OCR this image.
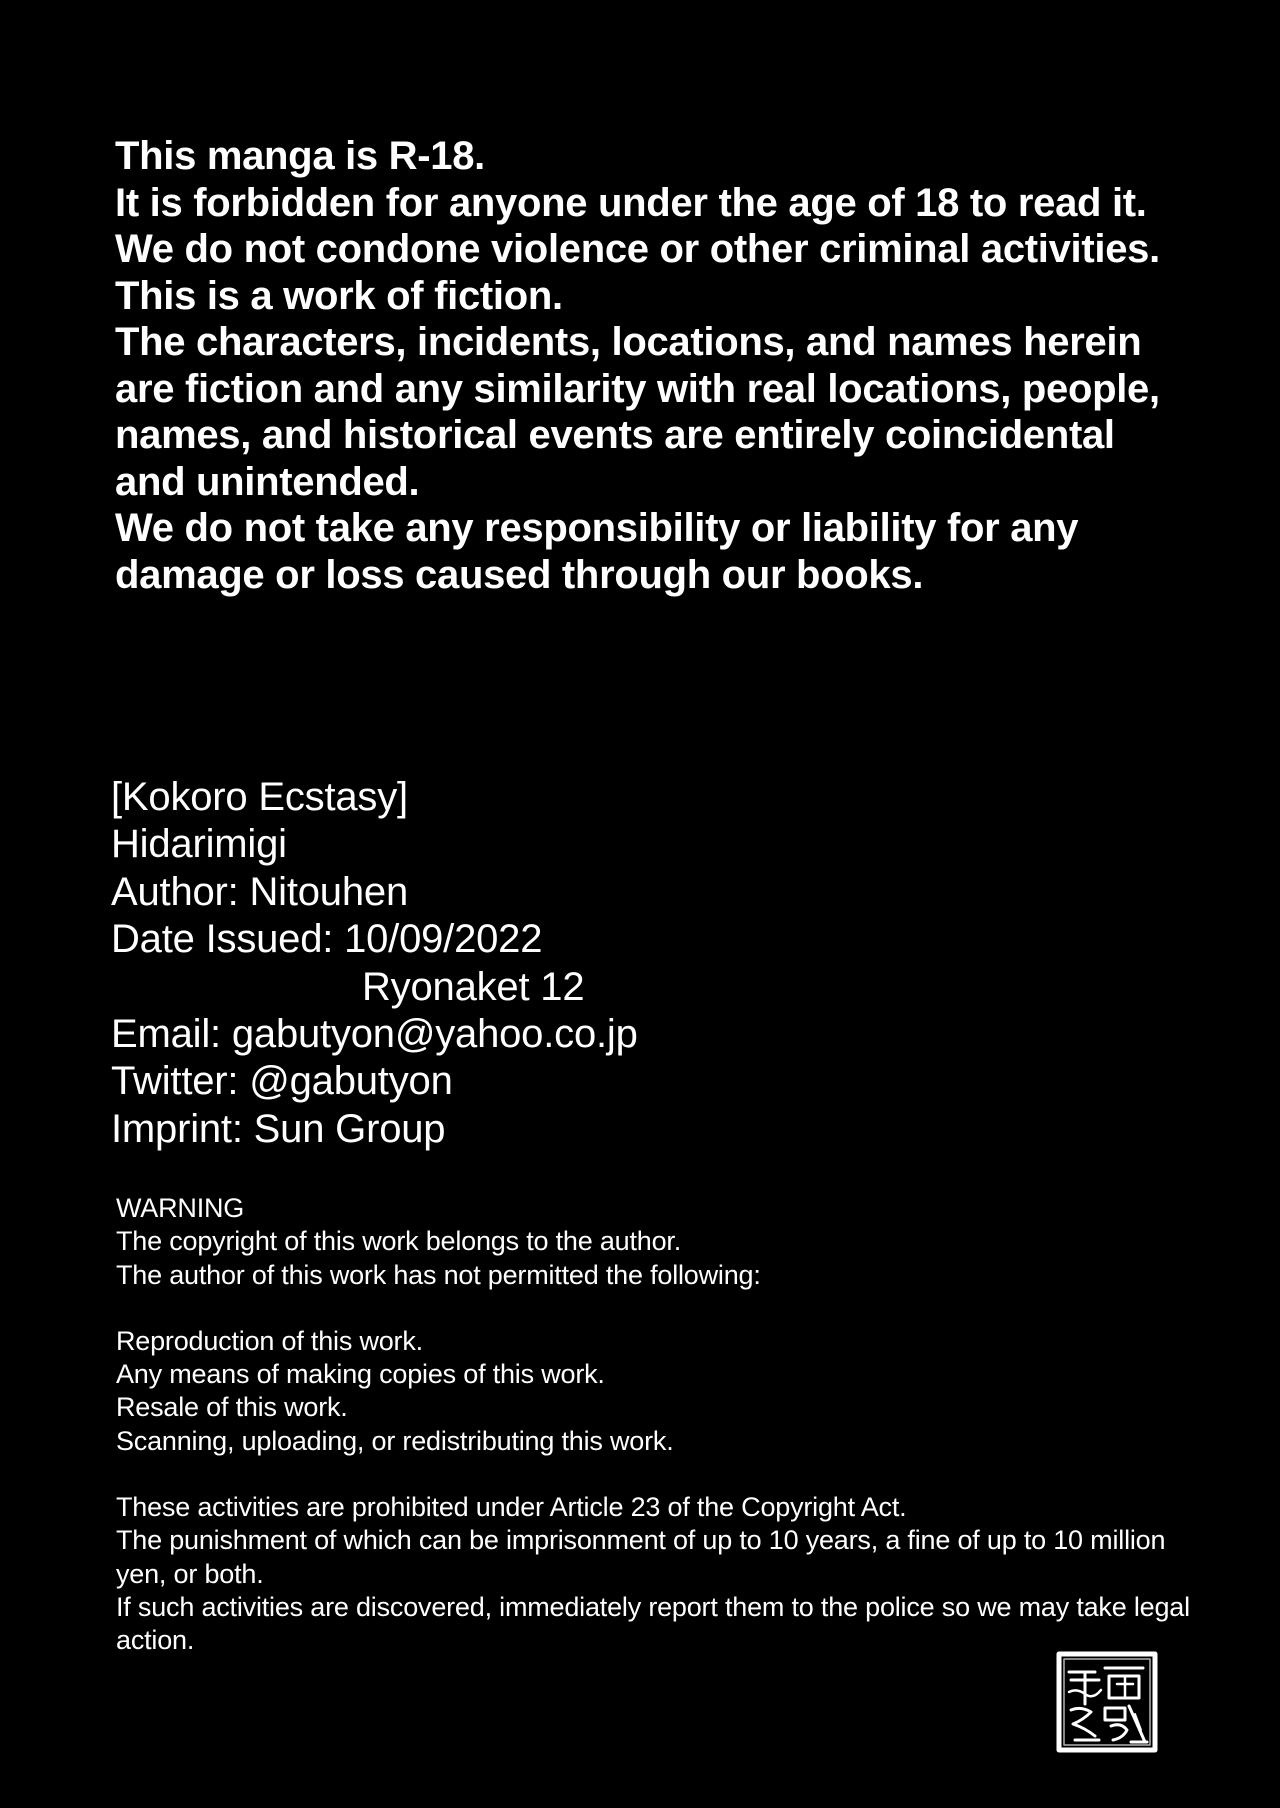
This manga is R-18.
It is forbidden for anyone under the age of 18 to read it.
We do not condone violence or other criminal activities.
This is a work of fiction.
The characters, incidents, locations, and names herein are fiction and any similarity with real locations, people, names, and historical events are entirely coincidental and unintended.
We do not take any responsibility or liability for any damage or loss caused through our books.
[Kokoro Ecstasy]
Hidarimigi
Author: Nitouhen
Date Issued: 10/09/2022
Ryonaket 12
Email: gabutyon@yahoo.co.jp
Twitter: @gabutyon
Imprint: Sun Group

WARNING

The copyright of this work belongs to the author.

The author of this work has not permitted the following:

Reproduction of this work.
Any means of making copies of this work.
Resale of this work.
Scanning, uploading, or redistributing this work.

These activities are prohibited under Article 23 of the Copyright Act.

The punishment of which can be imprisonment of up to 10 years, a fine of up to 10 million yen, or both.

If such activities are discovered, immediately report them to the police so we may take legal action.
